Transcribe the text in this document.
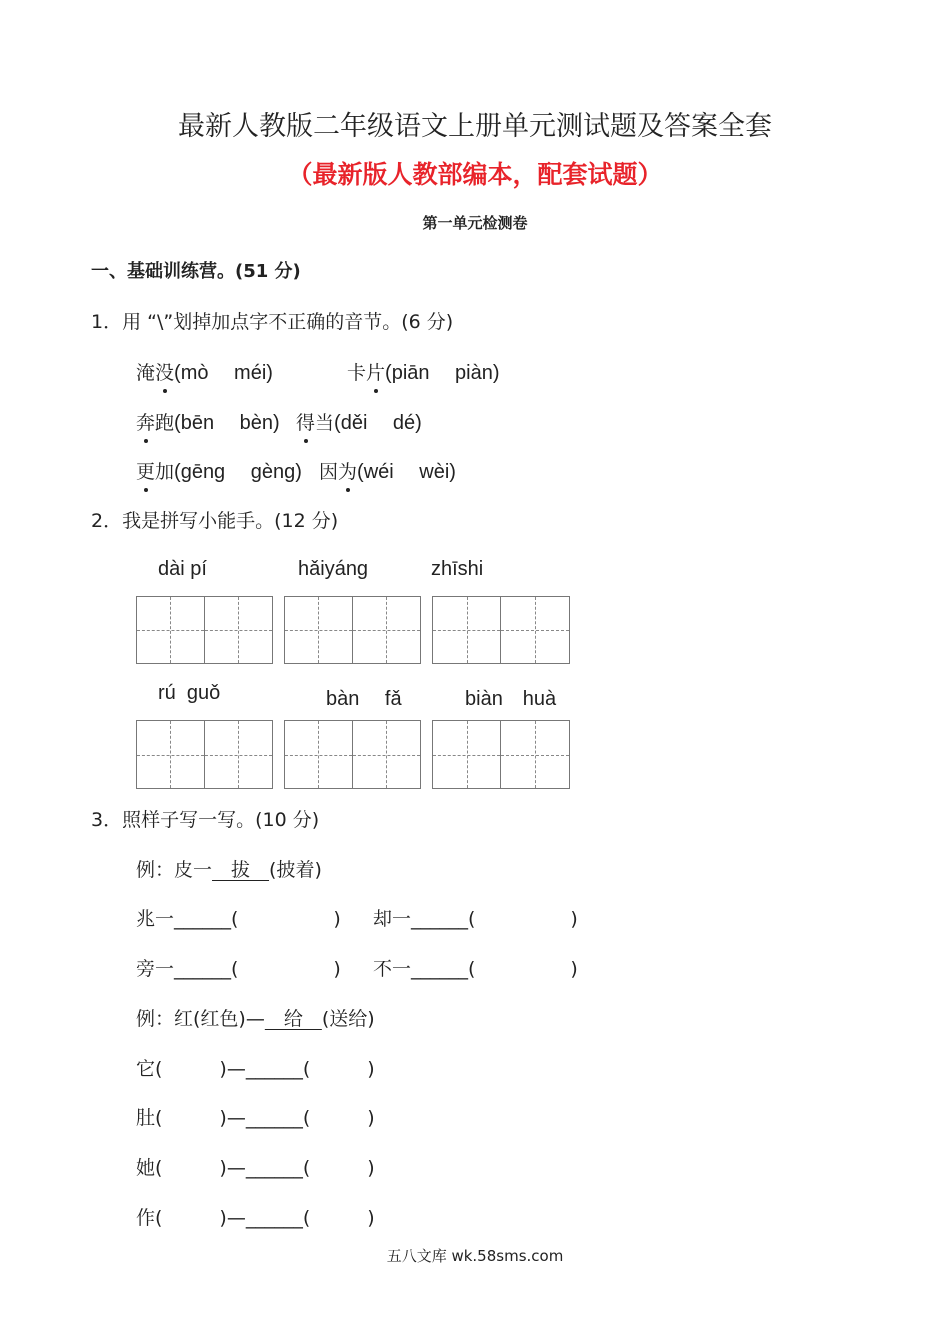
最新人教版二年级语文上册单元测试题及答案全套
（最新版人教部编本，配套试题）
第一单元检测卷
一、基础训练营。(51 分)
1．用 “\”划掉加点字不正确的音节。(6 分)
淹没(mò　 méi)	卡片(piān　 piàn)
奔跑(bēn　 bèn) 得当(děi　 dé)
更加(gēng　 gèng) 因为(wéi　 wèi)
2．我是拼写小能手。(12 分)
dài pí	hǎiyáng	zhīshi
rú  guǒ	bàn　 fǎ	biàn　huà
3．照样子写一写。(10 分)
例：皮一　拔　(披着)
兆一______(　　　　　) 却一______(　　　　　)
旁一______(　　　　　) 不一______(　　　　　)
例：红(红色)—　给　(送给)
它(　　　)—______(　　　)
肚(　　　)—______(　　　)
她(　　　)—______(　　　)
作(　　　)—______(　　　)
五八文库 wk.58sms.com
